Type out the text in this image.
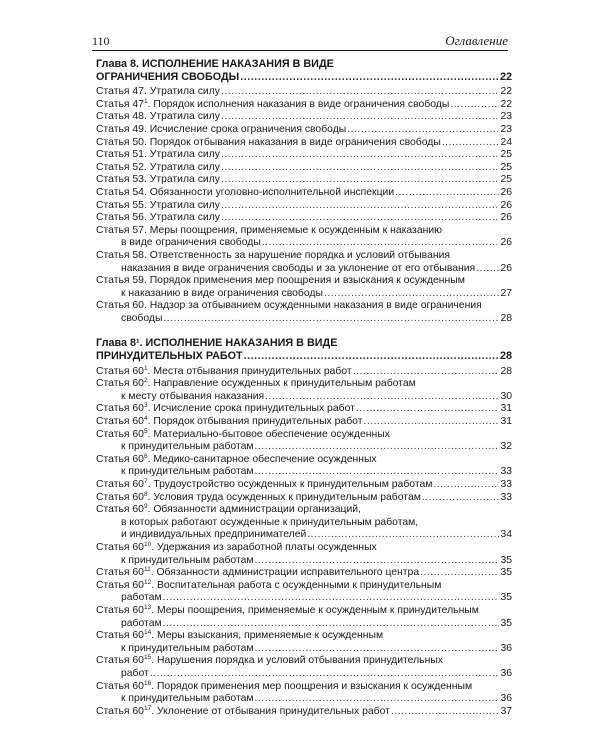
110	Оглавление
Глава 8. ИСПОЛНЕНИЕ НАКАЗАНИЯ В ВИДЕ
ОГРАНИЧЕНИЯ СВОБОДЫ .....	22
Статья 47. Утратила силу .....	22
Статья $47^1$. Порядок исполнения наказания в виде ограничения свободы .....	22
Статья 48. Утратила силу .....	23
Статья 49. Исчисление срока ограничения свободы .....	23
Статья 50. Порядок отбывания наказания в виде ограничения свободы .....	24
Статья 51. Утратила силу .....	25
Статья 52. Утратила силу .....	25
Статья 53. Утратила силу .....	25
Статья 54. Обязанности уголовно-исполнительной инспекции .....	26
Статья 55. Утратила силу .....	26
Статья 56. Утратила силу .....	26
Статья 57. Меры поощрения, применяемые к осужденным к наказанию
в виде ограничения свободы .....	26
Статья 58. Ответственность за нарушение порядка и условий отбывания
наказания в виде ограничения свободы и за уклонение от его отбывания ..... 26
Статья 59. Порядок применения мер поощрения и взыскания к осужденным
к наказанию в виде ограничения свободы .....	27
Статья 60. Надзор за отбыванием осужденными наказания в виде ограничения
свободы .....	28
Глава 8¹. ИСПОЛНЕНИЕ НАКАЗАНИЯ В ВИДЕ
ПРИНУДИТЕЛЬНЫХ РАБОТ .....	28
Статья $60^1$. Места отбывания принудительных работ .....	28
Статья $60^2$. Направление осужденных к принудительным работам
к месту отбывания наказания .....	30
Статья $60^3$. Исчисление срока принудительных работ .....	31
Статья $60^4$. Порядок отбывания принудительных работ .....	31
Статья $60^5$. Материально-бытовое обеспечение осужденных
к принудительным работам .....	32
Статья $60^6$. Медико-санитарное обеспечение осужденных
к принудительным работам .....	33
Статья $60^7$. Трудоустройство осужденных к принудительным работам .....	33
Статья $60^8$. Условия труда осужденных к принудительным работам .....	33
Статья $60^9$. Обязанности администрации организаций,
в которых работают осужденные к принудительным работам,
и индивидуальных предпринимателей .....	34
Статья $60^{10}$. Удержания из заработной платы осужденных
к принудительным работам .....	35
Статья $60^{11}$. Обязанности администрации исправительного центра .....	35
Статья $60^{12}$. Воспитательная работа с осужденными к принудительным
работам .....	35
Статья $60^{13}$. Меры поощрения, применяемые к осужденным к принудительным
работам .....	35
Статья $60^{14}$. Меры взыскания, применяемые к осужденным
к принудительным работам .....	36
Статья $60^{15}$. Нарушения порядка и условий отбывания принудительных
работ .....	36
Статья $60^{16}$. Порядок применения мер поощрения и взыскания к осужденным
к принудительным работам .....	36
Статья $60^{17}$. Уклонение от отбывания принудительных работ .....	37
